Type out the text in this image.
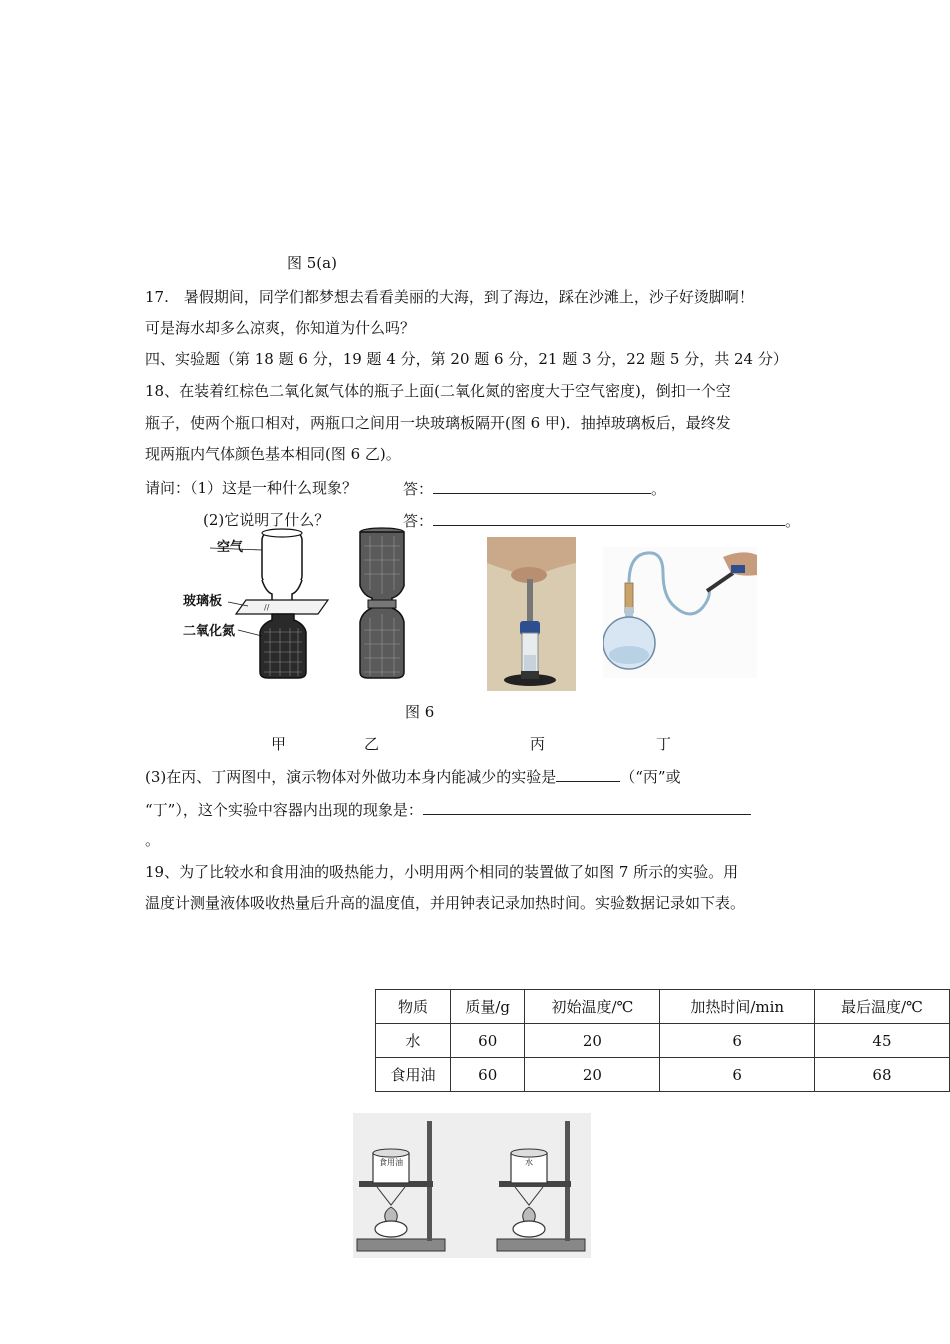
图 5(a)
17.　暑假期间，同学们都梦想去看看美丽的大海，到了海边，踩在沙滩上，沙子好烫脚啊！
可是海水却多么凉爽，你知道为什么吗？
四、实验题（第 18 题 6 分，19 题 4 分，第 20 题 6 分，21 题 3 分，22 题 5 分，共 24 分）
18、在装着红棕色二氧化氮气体的瓶子上面(二氧化氮的密度大于空气密度)，倒扣一个空
瓶子，使两个瓶口相对，两瓶口之间用一块玻璃板隔开(图 6 甲)．抽掉玻璃板后，最终发
现两瓶内气体颜色基本相同(图 6 乙)。
请问：（1）这是一种什么现象？	答：	。
(2)它说明了什么？	答：	。
//
空气
玻璃板
二氧化氮
图 6
甲	乙	丙	丁
(3)在丙、丁两图中，演示物体对外做功本身内能减少的实验是	（“丙”或
“丁”），这个实验中容器内出现的现象是：
。
19、为了比较水和食用油的吸热能力，小明用两个相同的装置做了如图 7 所示的实验。用
温度计测量液体吸收热量后升高的温度值，并用钟表记录加热时间。实验数据记录如下表。
物质	质量/g	初始温度/℃	加热时间/min	最后温度/℃
水	60	20	6	45
食用油	60	20	6	68
食用油	水
